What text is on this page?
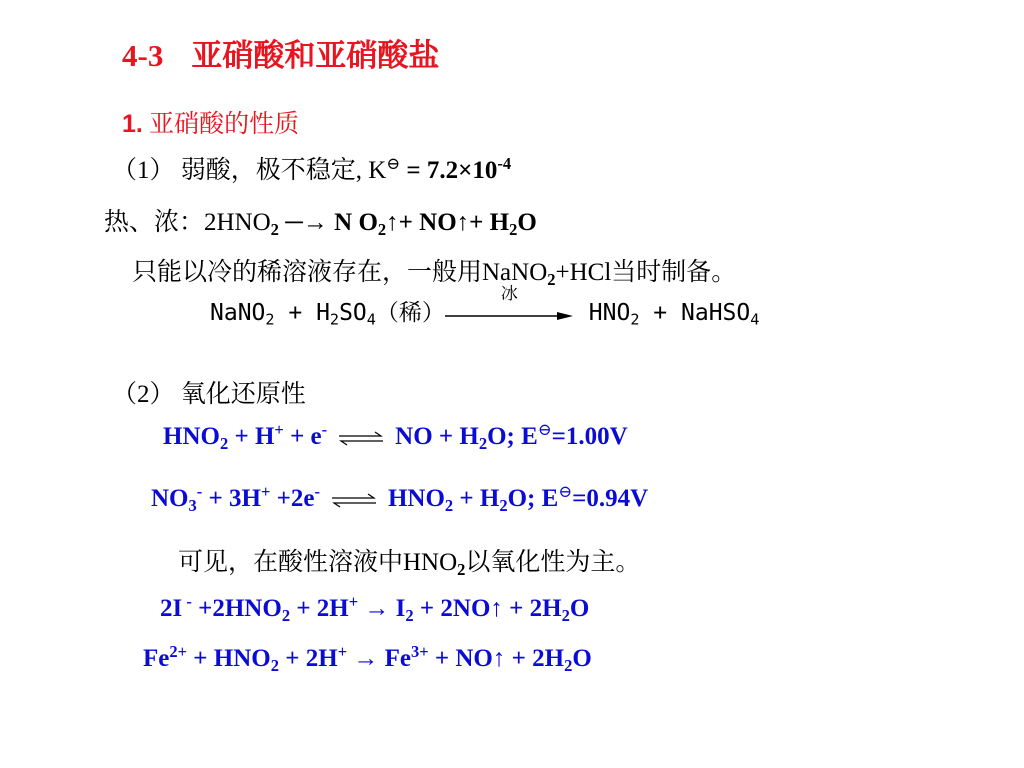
4-3 亚硝酸和亚硝酸盐
1. 亚硝酸的性质
（1） 弱酸，极不稳定, $K^⊖ = 7.2\times 10^{-4}$
热、浓：$2HNO_2$ ─→ N $O_2↑+$ NO↑+ $H_2O$
只能以冷的稀溶液存在，一般用NaNO$_2$+HCl当时制备。
NaNO$_2$ + $H_2SO_4$（稀）
冰
$HNO_2$ + NaHSO$_4$
（2） 氧化还原性
$HNO_2 + H^+ + e^-$ ⇌ NO + $H_2O$; E⊖=1.00V
$NO_3^- + 3H^+ +2e^-$ ⇌ $HNO_2 + H_2O$; E⊖=0.94V
可见，在酸性溶液中$HNO_2$以氧化性为主。
2I $^- +2HNO_2 + 2H^+ \to I_2$ + 2NO↑ + $2H_2O$
$Fe^{2+} + HNO_2 + 2H^+ \to Fe^{3+}$ + NO↑ + $2H_2O$
